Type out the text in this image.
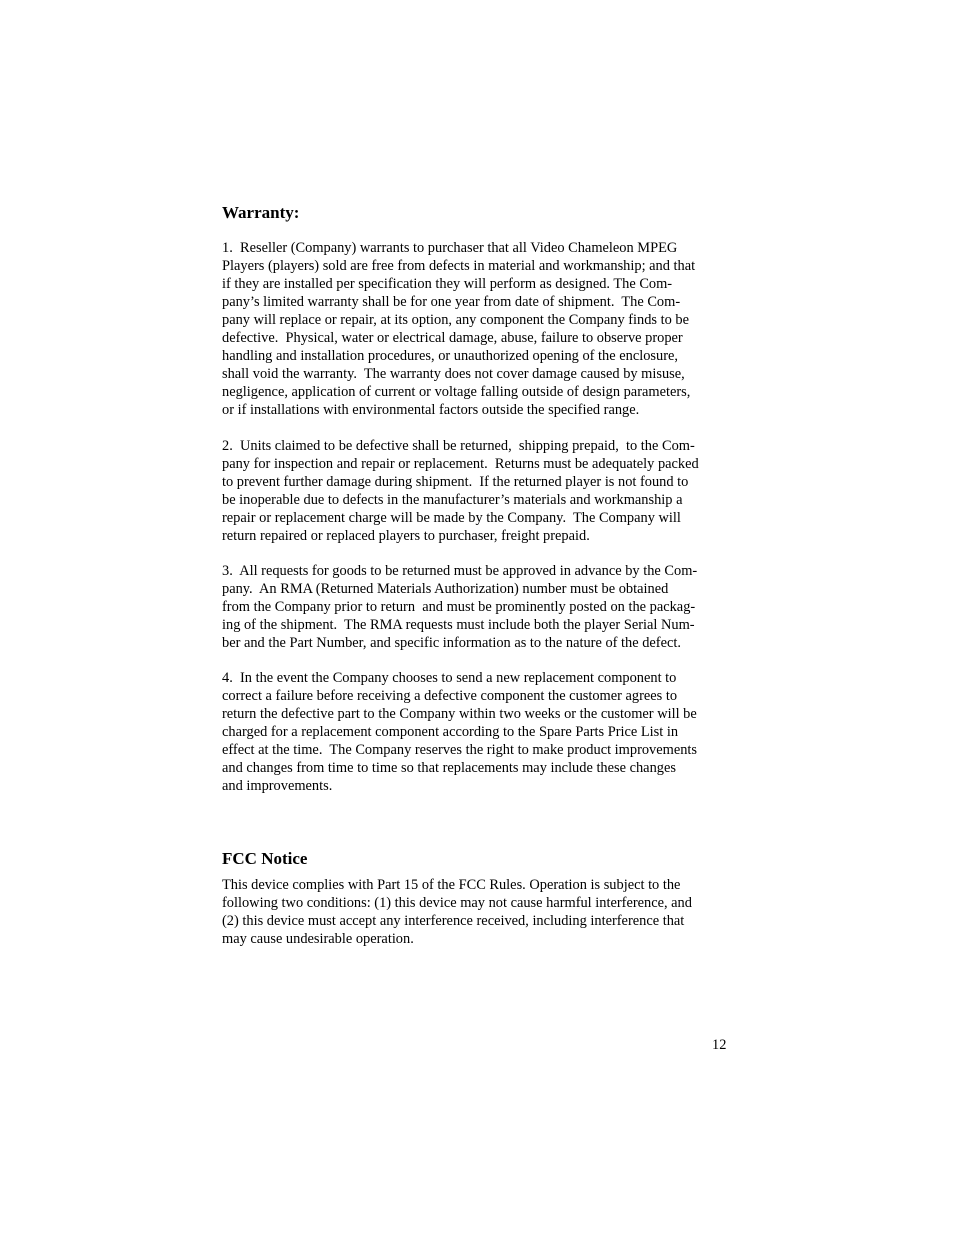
Warranty:
1.  Reseller (Company) warrants to purchaser that all Video Chameleon MPEG
Players (players) sold are free from defects in material and workmanship; and that
if they are installed per specification they will perform as designed. The Com-
pany’s limited warranty shall be for one year from date of shipment.  The Com-
pany will replace or repair, at its option, any component the Company finds to be
defective.  Physical, water or electrical damage, abuse, failure to observe proper
handling and installation procedures, or unauthorized opening of the enclosure,
shall void the warranty.  The warranty does not cover damage caused by misuse,
negligence, application of current or voltage falling outside of design parameters,
or if installations with environmental factors outside the specified range.
2.  Units claimed to be defective shall be returned,  shipping prepaid,  to the Com-
pany for inspection and repair or replacement.  Returns must be adequately packed
to prevent further damage during shipment.  If the returned player is not found to
be inoperable due to defects in the manufacturer’s materials and workmanship a
repair or replacement charge will be made by the Company.  The Company will
return repaired or replaced players to purchaser, freight prepaid.
3.  All requests for goods to be returned must be approved in advance by the Com-
pany.  An RMA (Returned Materials Authorization) number must be obtained
from the Company prior to return  and must be prominently posted on the packag-
ing of the shipment.  The RMA requests must include both the player Serial Num-
ber and the Part Number, and specific information as to the nature of the defect.
4.  In the event the Company chooses to send a new replacement component to
correct a failure before receiving a defective component the customer agrees to
return the defective part to the Company within two weeks or the customer will be
charged for a replacement component according to the Spare Parts Price List in
effect at the time.  The Company reserves the right to make product improvements
and changes from time to time so that replacements may include these changes
and improvements.
FCC Notice
This device complies with Part 15 of the FCC Rules. Operation is subject to the
following two conditions: (1) this device may not cause harmful interference, and
(2) this device must accept any interference received, including interference that
may cause undesirable operation.
12
